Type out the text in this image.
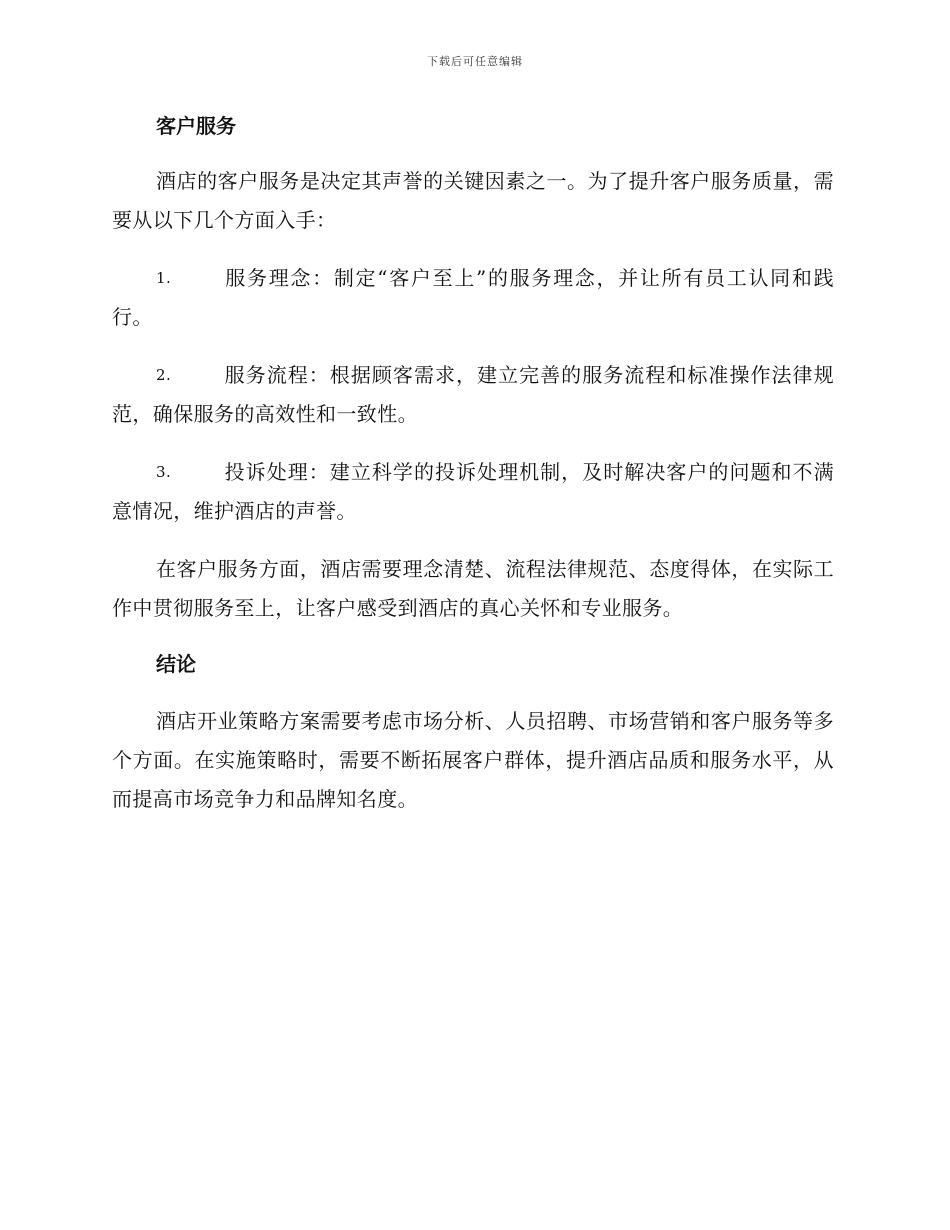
下载后可任意编辑
客户服务

酒店的客户服务是决定其声誉的关键因素之一。为了提升客户服务质量，需要从以下几个方面入手：

1.	服务理念：制定“客户至上”的服务理念，并让所有员工认同和践行。

2.	服务流程：根据顾客需求，建立完善的服务流程和标准操作法律规范，确保服务的高效性和一致性。

3.	投诉处理：建立科学的投诉处理机制，及时解决客户的问题和不满意情况，维护酒店的声誉。

在客户服务方面，酒店需要理念清楚、流程法律规范、态度得体，在实际工作中贯彻服务至上，让客户感受到酒店的真心关怀和专业服务。

结论

酒店开业策略方案需要考虑市场分析、人员招聘、市场营销和客户服务等多个方面。在实施策略时，需要不断拓展客户群体，提升酒店品质和服务水平，从而提高市场竞争力和品牌知名度。
